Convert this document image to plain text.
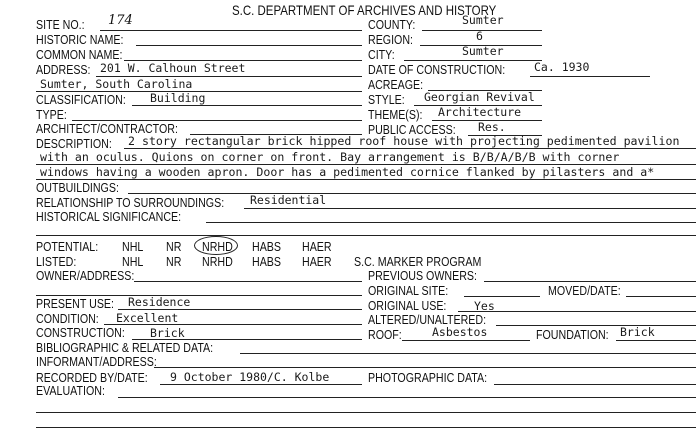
S.C. DEPARTMENT OF ARCHIVES AND HISTORY
SITE NO.: 174
HISTORIC NAME:
COMMON NAME:
ADDRESS: 201 W. Calhoun Street
Sumter, South Carolina
CLASSIFICATION: Building
TYPE:
ARCHITECT/CONTRACTOR:
COUNTY:	Sumter
REGION:	6
CITY:	Sumter
DATE OF CONSTRUCTION:	Ca. 1930
ACREAGE:
STYLE: Georgian Revival
THEME(S): Architecture
PUBLIC ACCESS: Res.
DESCRIPTION: 2 story rectangular brick hipped roof house with projecting pedimented pavilion
with an oculus. Quions on corner on front. Bay arrangement is B/B/A/B/B with corner
windows having a wooden apron. Door has a pedimented cornice flanked by pilasters and a*
OUTBUILDINGS:
RELATIONSHIP TO SURROUNDINGS: Residential
HISTORICAL SIGNIFICANCE:
POTENTIAL: NHL NR NRHD HABS HAER
LISTED:	NHL NR NRHD HABS HAER S.C. MARKER PROGRAM
OWNER/ADDRESS:	PREVIOUS OWNERS:
ORIGINAL SITE:	MOVED/DATE:
PRESENT USE: Residence	ORIGINAL USE: Yes
CONDITION: Excellent	ALTERED/UNALTERED:
CONSTRUCTION: Brick	ROOF:	Asbestos	FOUNDATION: Brick
BIBLIOGRAPHIC & RELATED DATA:
INFORMANT/ADDRESS:
RECORDED BY/DATE: 9 October 1980/C. Kolbe	PHOTOGRAPHIC DATA:
EVALUATION:
